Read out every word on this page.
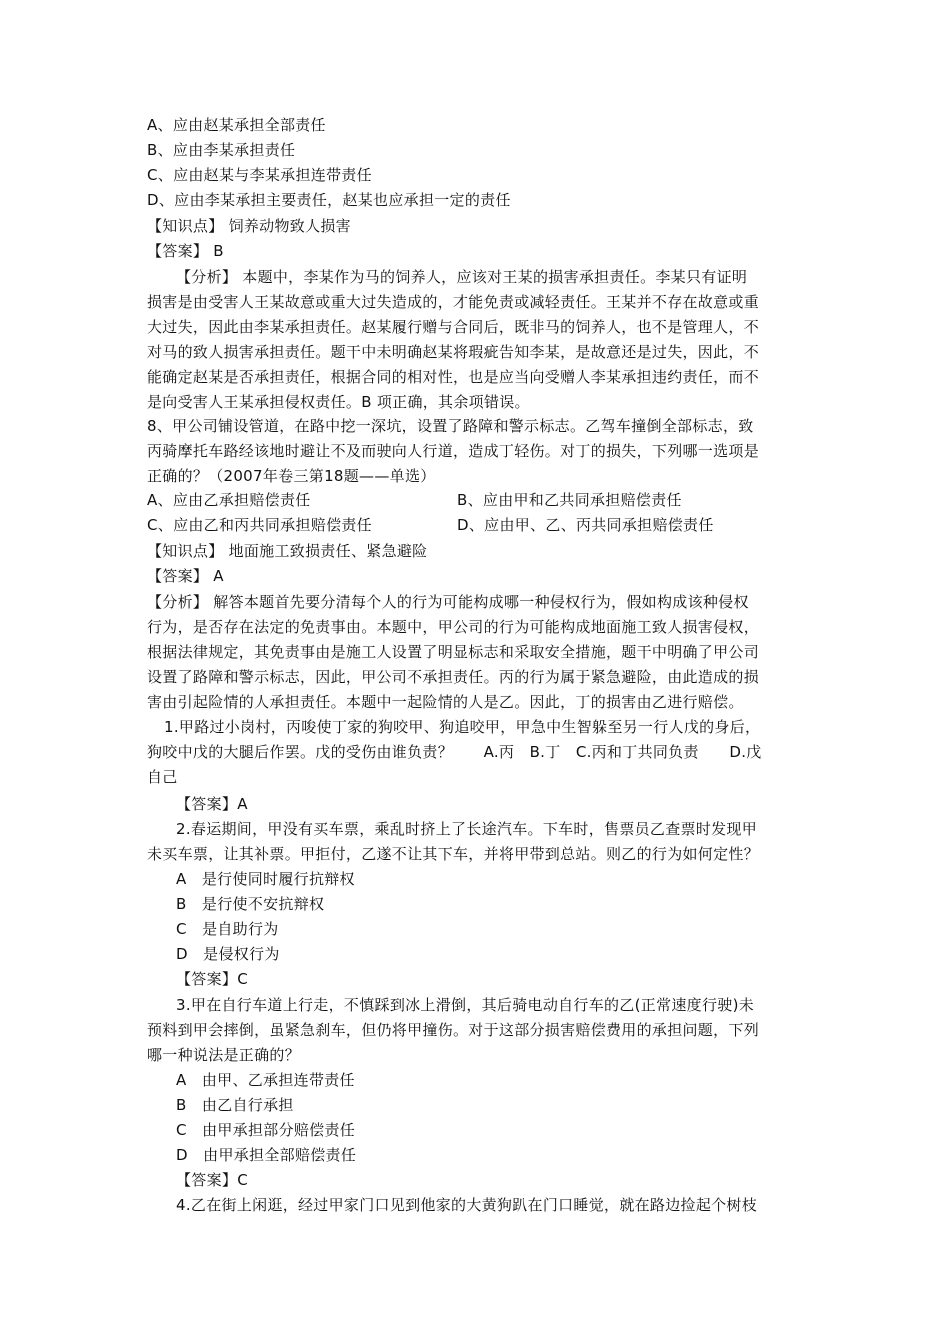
A、应由赵某承担全部责任
B、应由李某承担责任
C、应由赵某与李某承担连带责任
D、应由李某承担主要责任，赵某也应承担一定的责任
【知识点】 饲养动物致人损害
【答案】 B
【分析】 本题中，李某作为马的饲养人，应该对王某的损害承担责任。李某只有证明
损害是由受害人王某故意或重大过失造成的，才能免责或减轻责任。王某并不存在故意或重
大过失，因此由李某承担责任。赵某履行赠与合同后，既非马的饲养人，也不是管理人，不
对马的致人损害承担责任。题干中未明确赵某将瑕疵告知李某，是故意还是过失，因此，不
能确定赵某是否承担责任，根据合同的相对性，也是应当向受赠人李某承担违约责任，而不
是向受害人王某承担侵权责任。B 项正确，其余项错误。
8、甲公司铺设管道，在路中挖一深坑，设置了路障和警示标志。乙驾车撞倒全部标志，致
丙骑摩托车路经该地时避让不及而驶向人行道，造成丁轻伤。对丁的损失，下列哪一选项是
正确的？（2007年卷三第18题——单选）
A、应由乙承担赔偿责任	B、应由甲和乙共同承担赔偿责任
C、应由乙和丙共同承担赔偿责任	D、应由甲、乙、丙共同承担赔偿责任
【知识点】 地面施工致损责任、紧急避险
【答案】 A
【分析】 解答本题首先要分清每个人的行为可能构成哪一种侵权行为，假如构成该种侵权
行为，是否存在法定的免责事由。本题中，甲公司的行为可能构成地面施工致人损害侵权，
根据法律规定，其免责事由是施工人设置了明显标志和采取安全措施，题干中明确了甲公司
设置了路障和警示标志，因此，甲公司不承担责任。丙的行为属于紧急避险，由此造成的损
害由引起险情的人承担责任。本题中一起险情的人是乙。因此，丁的损害由乙进行赔偿。
1.甲路过小岗村，丙唆使丁家的狗咬甲、狗追咬甲，甲急中生智躲至另一行人戊的身后，
狗咬中戊的大腿后作罢。戊的受伤由谁负责？　　A.丙　B.丁　C.丙和丁共同负责　　D.戊
自己
【答案】A
2.春运期间，甲没有买车票，乘乱时挤上了长途汽车。下车时，售票员乙查票时发现甲
未买车票，让其补票。甲拒付，乙遂不让其下车，并将甲带到总站。则乙的行为如何定性？
A　是行使同时履行抗辩权
B　是行使不安抗辩权
C　是自助行为
D　是侵权行为
【答案】C
3.甲在自行车道上行走，不慎踩到冰上滑倒，其后骑电动自行车的乙(正常速度行驶)未
预料到甲会摔倒，虽紧急刹车，但仍将甲撞伤。对于这部分损害赔偿费用的承担问题，下列
哪一种说法是正确的？
A　由甲、乙承担连带责任
B　由乙自行承担
C　由甲承担部分赔偿责任
D　由甲承担全部赔偿责任
【答案】C
4.乙在街上闲逛，经过甲家门口见到他家的大黄狗趴在门口睡觉，就在路边捡起个树枝
